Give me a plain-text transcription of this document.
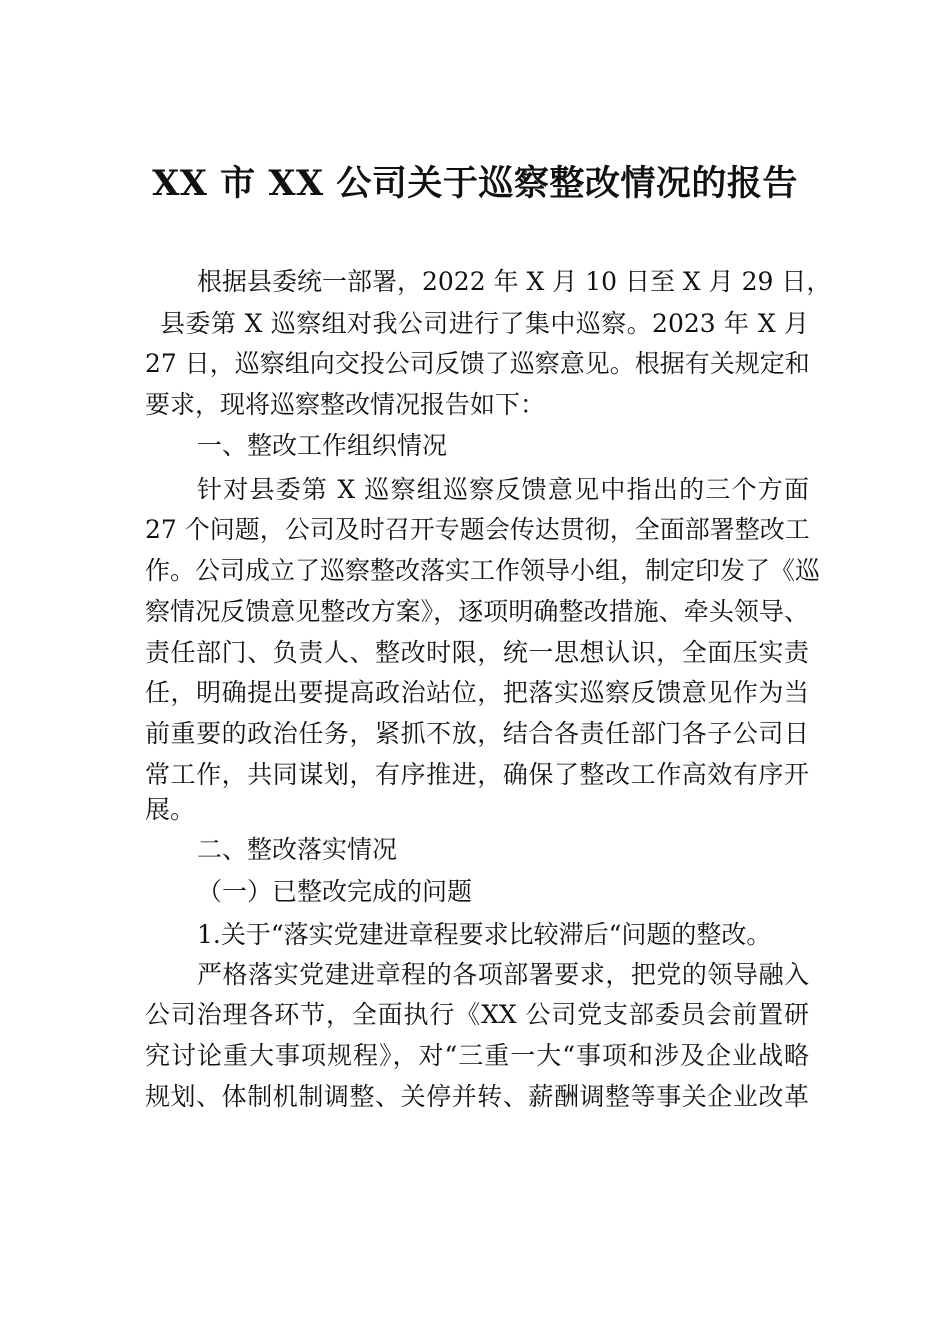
XX 市 XX 公司关于巡察整改情况的报告
根据县委统一部署，2022 年 X 月 10 日至 X 月 29 日，
县委第 X 巡察组对我公司进行了集中巡察。2023 年 X 月
27 日，巡察组向交投公司反馈了巡察意见。根据有关规定和
要求，现将巡察整改情况报告如下：
一、整改工作组织情况
针对县委第 X 巡察组巡察反馈意见中指出的三个方面
27 个问题，公司及时召开专题会传达贯彻，全面部署整改工
作。公司成立了巡察整改落实工作领导小组，制定印发了《巡
察情况反馈意见整改方案》，逐项明确整改措施、牵头领导、
责任部门、负责人、整改时限，统一思想认识，全面压实责
任，明确提出要提高政治站位，把落实巡察反馈意见作为当
前重要的政治任务，紧抓不放，结合各责任部门各子公司日
常工作，共同谋划，有序推进，确保了整改工作高效有序开
展。
二、整改落实情况
（一）已整改完成的问题
1.关于“落实党建进章程要求比较滞后“问题的整改。
严格落实党建进章程的各项部署要求，把党的领导融入
公司治理各环节，全面执行《XX 公司党支部委员会前置研
究讨论重大事项规程》，对“三重一大“事项和涉及企业战略
规划、体制机制调整、关停并转、薪酬调整等事关企业改革
